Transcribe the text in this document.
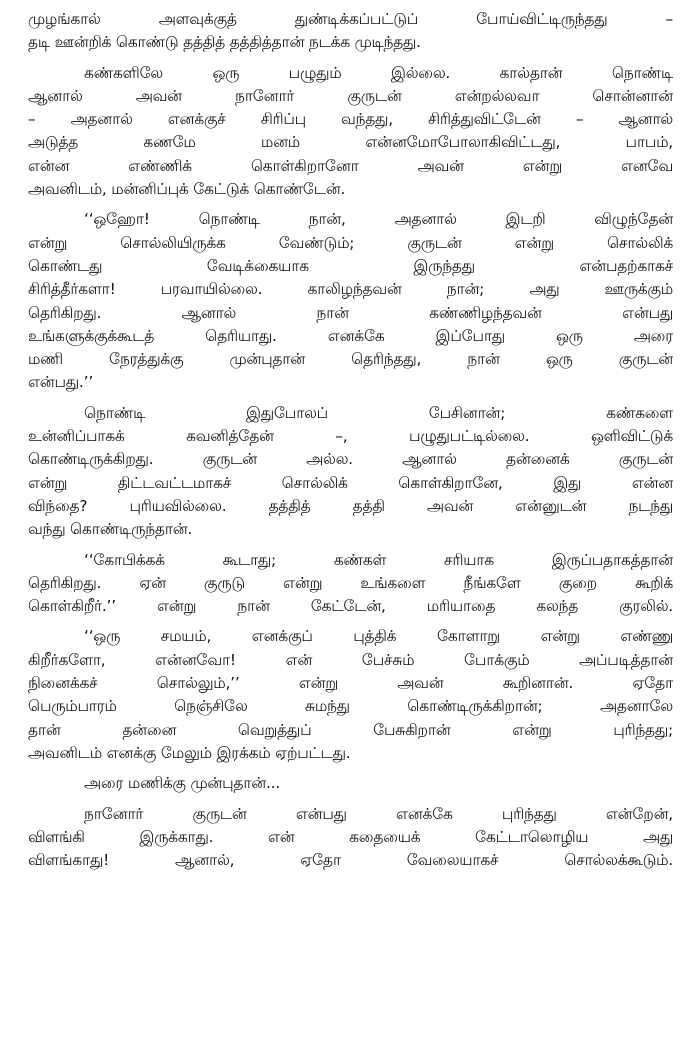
முழங்கால் அளவுக்குத் துண்டிக்கப்பட்டுப் போய்விட்டிருந்தது –
தடி ஊன்றிக் கொண்டு தத்தித் தத்தித்தான் நடக்க முடிந்தது.
கண்களிலே ஒரு பழுதும் இல்லை. கால்தான் நொண்டி
ஆனால் அவன் நானோர் குருடன் என்றல்லவா சொன்னான்
– அதனால் எனக்குச் சிரிப்பு வந்தது, சிரித்துவிட்டேன் – ஆனால்
அடுத்த கணமே மனம் என்னமோபோலாகிவிட்டது, பாபம்,
என்ன எண்ணிக் கொள்கிறானோ அவன் என்று எனவே
அவனிடம், மன்னிப்புக் கேட்டுக் கொண்டேன்.
‘‘ஒஹோ! நொண்டி நான், அதனால் இடறி விழுந்தேன்
என்று சொல்லியிருக்க வேண்டும்; குருடன் என்று சொல்லிக்
கொண்டது வேடிக்கையாக இருந்தது என்பதற்காகச்
சிரித்தீர்களா! பரவாயில்லை. காலிழந்தவன் நான்; அது ஊருக்கும்
தெரிகிறது. ஆனால் நான் கண்ணிழந்தவன் என்பது
உங்களுக்குக்கூடத் தெரியாது. எனக்கே இப்போது ஒரு அரை
மணி நேரத்துக்கு முன்புதான் தெரிந்தது, நான் ஒரு குருடன்
என்பது.’’
நொண்டி இதுபோலப் பேசினான்; கண்களை
உன்னிப்பாகக் கவனித்தேன் –, பழுதுபட்டில்லை. ஒளிவிட்டுக்
கொண்டிருக்கிறது. குருடன் அல்ல. ஆனால் தன்னைக் குருடன்
என்று திட்டவட்டமாகச் சொல்லிக் கொள்கிறானே, இது என்ன
விந்தை? புரியவில்லை. தத்தித் தத்தி அவன் என்னுடன் நடந்து
வந்து கொண்டிருந்தான்.
‘‘கோபிக்கக் கூடாது; கண்கள் சரியாக இருப்பதாகத்தான்
தெரிகிறது. ஏன் குருடு என்று உங்களை நீங்களே குறை கூறிக்
கொள்கிறீர்.’’ என்று நான் கேட்டேன், மரியாதை கலந்த குரலில்.
‘‘ஒரு சமயம், எனக்குப் புத்திக் கோளாறு என்று எண்ணு
கிறீர்களோ, என்னவோ! என் பேச்சும் போக்கும் அப்படித்தான்
நினைக்கச் சொல்லும்,’’ என்று அவன் கூறினான். ஏதோ
பெரும்பாரம் நெஞ்சிலே சுமந்து கொண்டிருக்கிறான்; அதனாலே
தான் தன்னை வெறுத்துப் பேசுகிறான் என்று புரிந்தது;
அவனிடம் எனக்கு மேலும் இரக்கம் ஏற்பட்டது.
அரை மணிக்கு முன்புதான்...
நானோர் குருடன் என்பது எனக்கே புரிந்தது என்றேன்,
விளங்கி இருக்காது. என் கதையைக் கேட்டாலொழிய அது
விளங்காது! ஆனால், ஏதோ வேலையாகச் சொல்லக்கூடும்.
